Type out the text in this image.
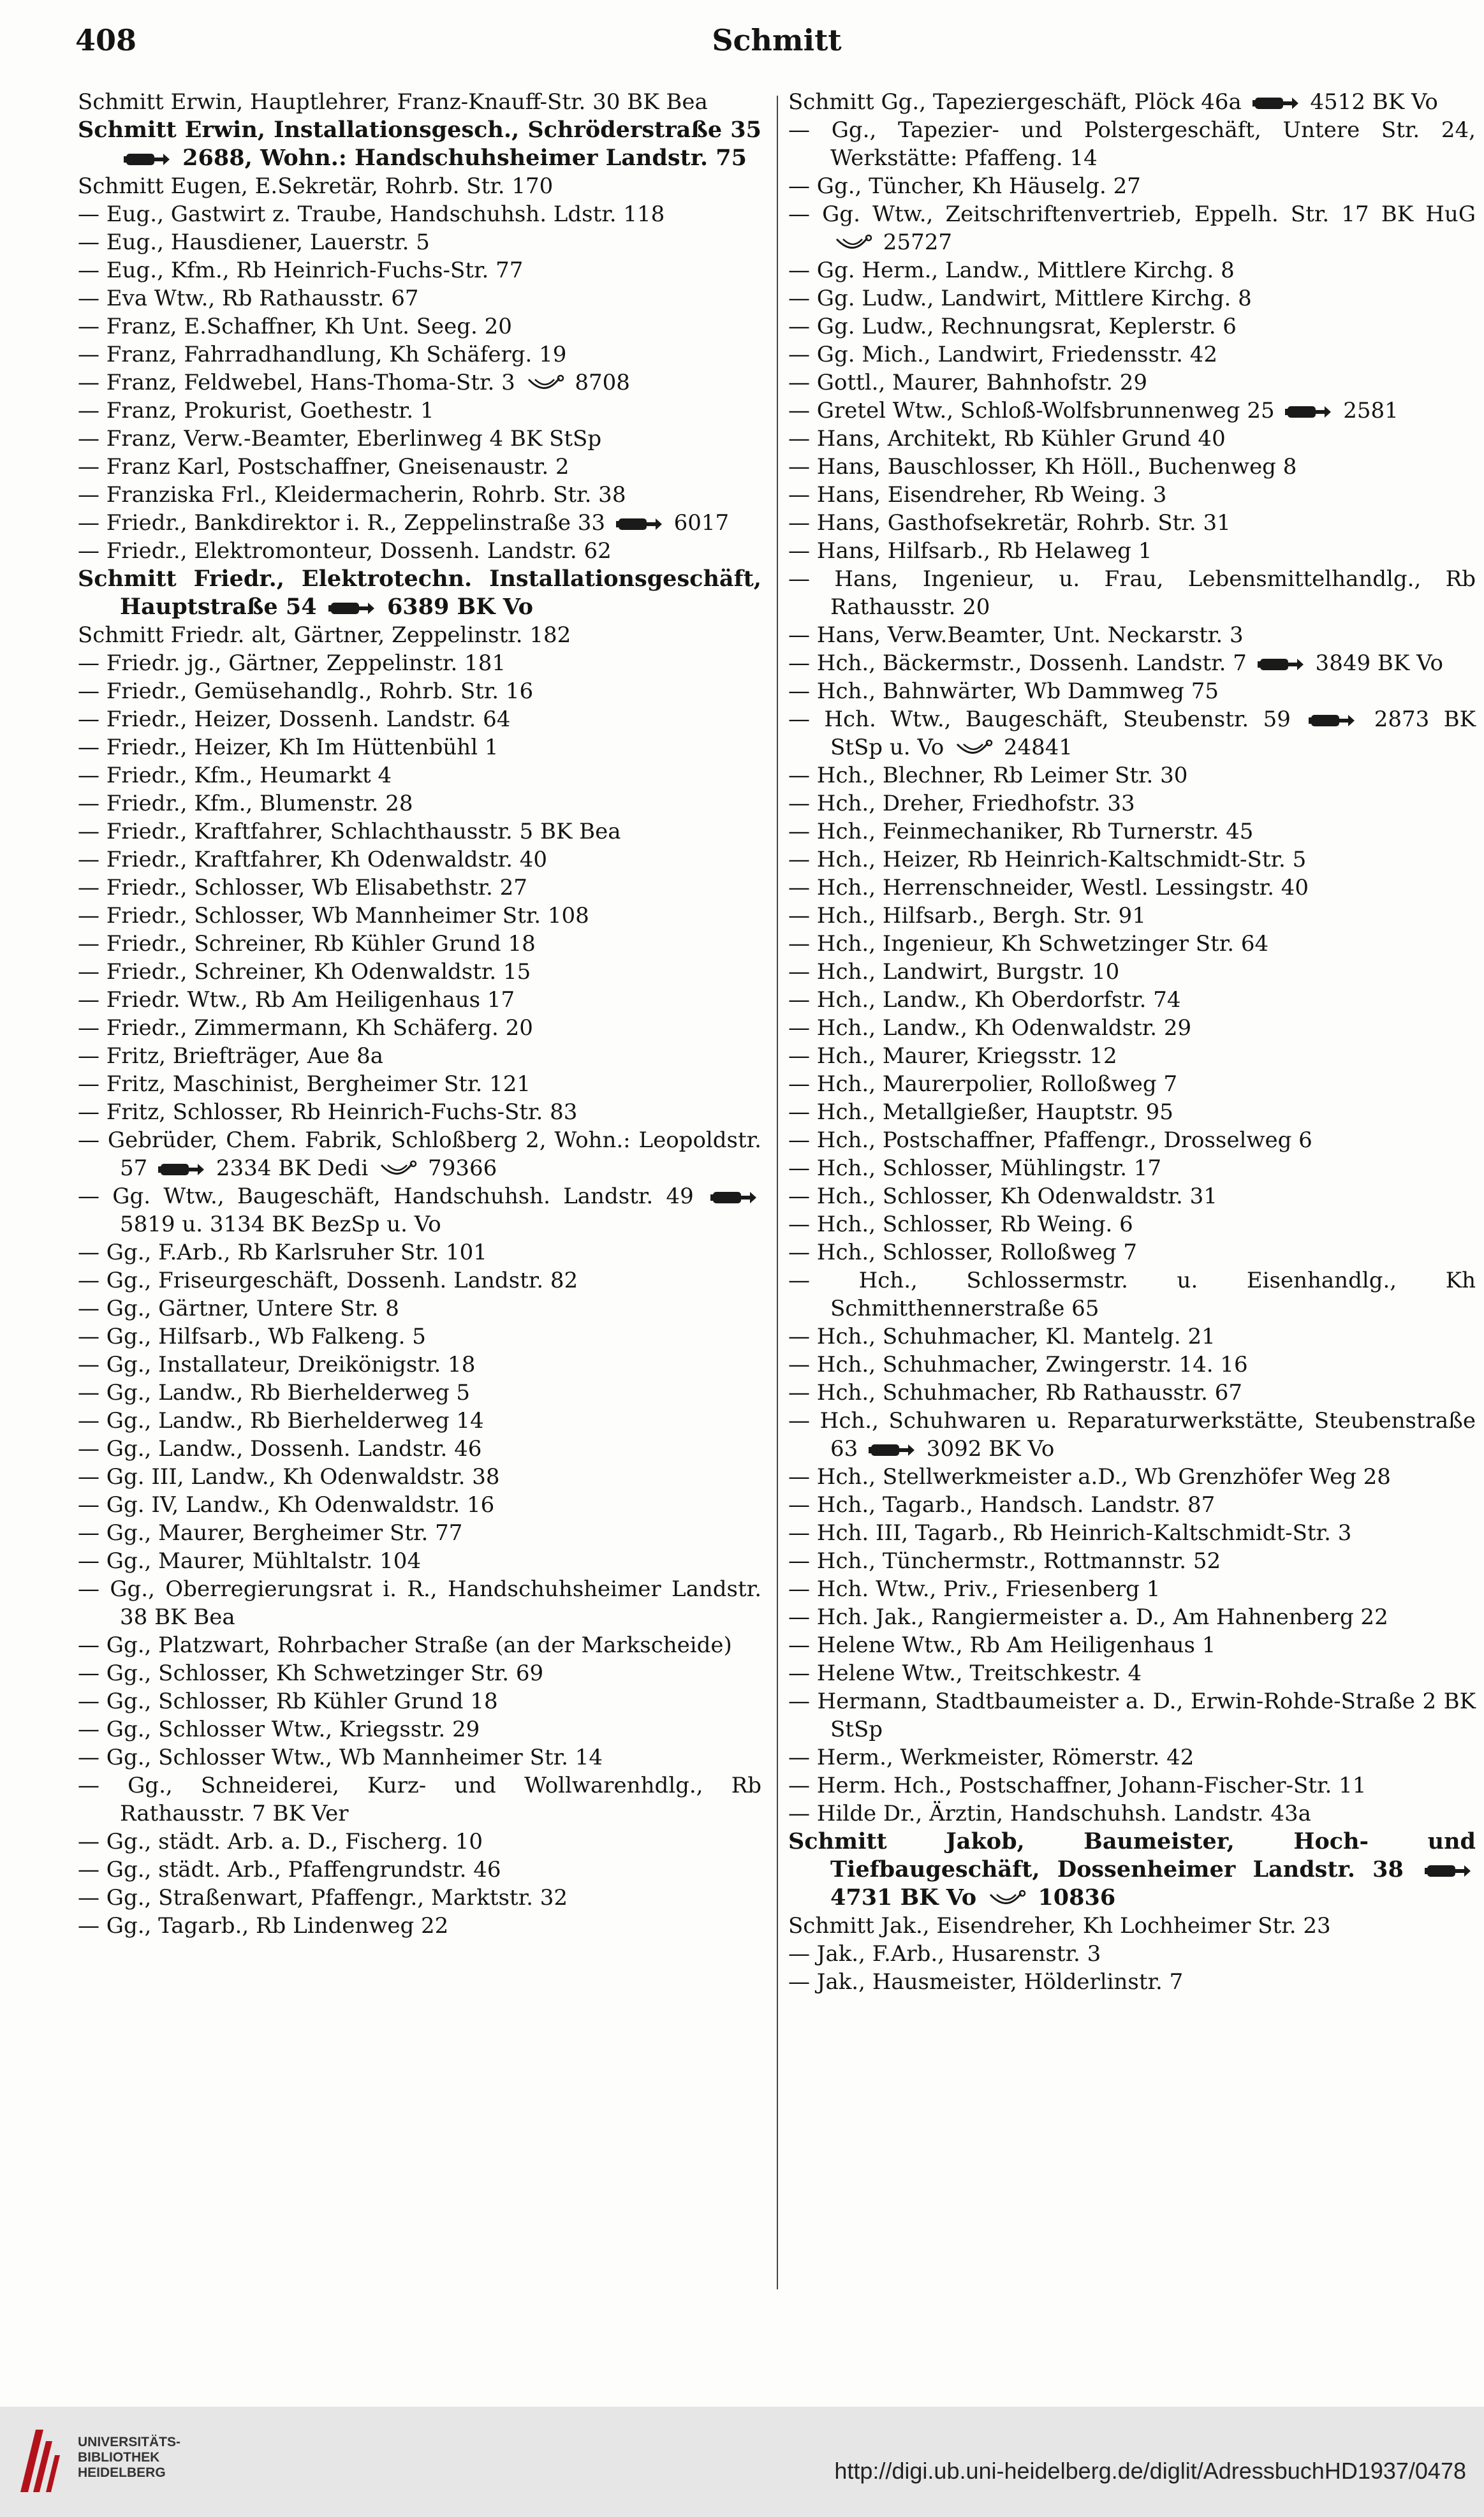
408	Schmitt

Schmitt Erwin, Hauptlehrer, Franz-Knauff-Str. 30 BK Bea

Schmitt Erwin, Installationsgesch., Schröderstraße 35
2688, Wohn.: Handschuhsheimer Landstr. 75

Schmitt Eugen, E.Sekretär, Rohrb. Str. 170

— Eug., Gastwirt z. Traube, Handschuhsh. Ldstr. 118

— Eug., Hausdiener, Lauerstr. 5

— Eug., Kfm., Rb Heinrich-Fuchs-Str. 77

— Eva Wtw., Rb Rathausstr. 67

— Franz, E.Schaffner, Kh Unt. Seeg. 20

— Franz, Fahrradhandlung, Kh Schäferg. 19

— Franz, Feldwebel, Hans-Thoma-Str. 3
8708

— Franz, Prokurist, Goethestr. 1

— Franz, Verw.-Beamter, Eberlinweg 4 BK StSp

— Franz Karl, Postschaffner, Gneisenaustr. 2

— Franziska Frl., Kleidermacherin, Rohrb. Str. 38

— Friedr., Bankdirektor i. R., Zeppelinstraße 33	6017

— Friedr., Elektromonteur, Dossenh. Landstr. 62

Schmitt Friedr., Elektrotechn. Installationsgeschäft, Hauptstraße 54
6389 BK Vo

Schmitt Friedr. alt, Gärtner, Zeppelinstr. 182

— Friedr. jg., Gärtner, Zeppelinstr. 181

— Friedr., Gemüsehandlg., Rohrb. Str. 16

— Friedr., Heizer, Dossenh. Landstr. 64

— Friedr., Heizer, Kh Im Hüttenbühl 1

— Friedr., Kfm., Heumarkt 4

— Friedr., Kfm., Blumenstr. 28

— Friedr., Kraftfahrer, Schlachthausstr. 5 BK Bea

— Friedr., Kraftfahrer, Kh Odenwaldstr. 40

— Friedr., Schlosser, Wb Elisabethstr. 27

— Friedr., Schlosser, Wb Mannheimer Str. 108

— Friedr., Schreiner, Rb Kühler Grund 18

— Friedr., Schreiner, Kh Odenwaldstr. 15

— Friedr. Wtw., Rb Am Heiligenhaus 17

— Friedr., Zimmermann, Kh Schäferg. 20

— Fritz, Briefträger, Aue 8a

— Fritz, Maschinist, Bergheimer Str. 121

— Fritz, Schlosser, Rb Heinrich-Fuchs-Str. 83

— Gebrüder, Chem. Fabrik, Schloßberg 2, Wohn.: Leopoldstr. 57	2334 BK Dedi
79366

— Gg. Wtw., Baugeschäft, Handschuhsh. Landstr. 49
5819 u. 3134 BK BezSp u. Vo

— Gg., F.Arb., Rb Karlsruher Str. 101

— Gg., Friseurgeschäft, Dossenh. Landstr. 82

— Gg., Gärtner, Untere Str. 8

— Gg., Hilfsarb., Wb Falkeng. 5

— Gg., Installateur, Dreikönigstr. 18

— Gg., Landw., Rb Bierhelderweg 5

— Gg., Landw., Rb Bierhelderweg 14

— Gg., Landw., Dossenh. Landstr. 46

— Gg. III, Landw., Kh Odenwaldstr. 38

— Gg. IV, Landw., Kh Odenwaldstr. 16

— Gg., Maurer, Bergheimer Str. 77

— Gg., Maurer, Mühltalstr. 104

— Gg., Oberregierungsrat i. R., Handschuhsheimer Landstr. 38 BK Bea

— Gg., Platzwart, Rohrbacher Straße (an der Markscheide)

— Gg., Schlosser, Kh Schwetzinger Str. 69

— Gg., Schlosser, Rb Kühler Grund 18

— Gg., Schlosser Wtw., Kriegsstr. 29

— Gg., Schlosser Wtw., Wb Mannheimer Str. 14

— Gg., Schneiderei, Kurz- und Wollwarenhdlg., Rb Rathausstr. 7 BK Ver

— Gg., städt. Arb. a. D., Fischerg. 10

— Gg., städt. Arb., Pfaffengrundstr. 46

— Gg., Straßenwart, Pfaffengr., Marktstr. 32

— Gg., Tagarb., Rb Lindenweg 22

Schmitt Gg., Tapeziergeschäft, Plöck 46a	4512 BK Vo

— Gg., Tapezier- und Polstergeschäft, Untere Str. 24, Werkstätte: Pfaffeng. 14

— Gg., Tüncher, Kh Häuselg. 27

— Gg. Wtw., Zeitschriftenvertrieb, Eppelh. Str. 17 BK HuG
25727

— Gg. Herm., Landw., Mittlere Kirchg. 8

— Gg. Ludw., Landwirt, Mittlere Kirchg. 8

— Gg. Ludw., Rechnungsrat, Keplerstr. 6

— Gg. Mich., Landwirt, Friedensstr. 42

— Gottl., Maurer, Bahnhofstr. 29

— Gretel Wtw., Schloß-Wolfsbrunnenweg 25	2581

— Hans, Architekt, Rb Kühler Grund 40

— Hans, Bauschlosser, Kh Höll., Buchenweg 8

— Hans, Eisendreher, Rb Weing. 3

— Hans, Gasthofsekretär, Rohrb. Str. 31

— Hans, Hilfsarb., Rb Helaweg 1

— Hans, Ingenieur, u. Frau, Lebensmittelhandlg., Rb Rathausstr. 20

— Hans, Verw.Beamter, Unt. Neckarstr. 3

— Hch., Bäckermstr., Dossenh. Landstr. 7	3849 BK Vo

— Hch., Bahnwärter, Wb Dammweg 75

— Hch. Wtw., Baugeschäft, Steubenstr. 59	2873 BK StSp u. Vo
24841

— Hch., Blechner, Rb Leimer Str. 30

— Hch., Dreher, Friedhofstr. 33

— Hch., Feinmechaniker, Rb Turnerstr. 45

— Hch., Heizer, Rb Heinrich-Kaltschmidt-Str. 5

— Hch., Herrenschneider, Westl. Lessingstr. 40

— Hch., Hilfsarb., Bergh. Str. 91

— Hch., Ingenieur, Kh Schwetzinger Str. 64

— Hch., Landwirt, Burgstr. 10

— Hch., Landw., Kh Oberdorfstr. 74

— Hch., Landw., Kh Odenwaldstr. 29

— Hch., Maurer, Kriegsstr. 12

— Hch., Maurerpolier, Rolloßweg 7

— Hch., Metallgießer, Hauptstr. 95

— Hch., Postschaffner, Pfaffengr., Drosselweg 6

— Hch., Schlosser, Mühlingstr. 17

— Hch., Schlosser, Kh Odenwaldstr. 31

— Hch., Schlosser, Rb Weing. 6

— Hch., Schlosser, Rolloßweg 7

— Hch., Schlossermstr. u. Eisenhandlg., Kh Schmitthennerstraße 65

— Hch., Schuhmacher, Kl. Mantelg. 21

— Hch., Schuhmacher, Zwingerstr. 14. 16

— Hch., Schuhmacher, Rb Rathausstr. 67

— Hch., Schuhwaren u. Reparaturwerkstätte, Steubenstraße 63	3092 BK Vo

— Hch., Stellwerkmeister a.D., Wb Grenzhöfer Weg 28

— Hch., Tagarb., Handsch. Landstr. 87

— Hch. III, Tagarb., Rb Heinrich-Kaltschmidt-Str. 3

— Hch., Tünchermstr., Rottmannstr. 52

— Hch. Wtw., Priv., Friesenberg 1

— Hch. Jak., Rangiermeister a. D., Am Hahnenberg 22

— Helene Wtw., Rb Am Heiligenhaus 1

— Helene Wtw., Treitschkestr. 4

— Hermann, Stadtbaumeister a. D., Erwin-Rohde-Straße 2 BK StSp

— Herm., Werkmeister, Römerstr. 42

— Herm. Hch., Postschaffner, Johann-Fischer-Str. 11

— Hilde Dr., Ärztin, Handschuhsh. Landstr. 43a

Schmitt Jakob, Baumeister, Hoch- und Tiefbaugeschäft, Dossenheimer Landstr. 38
4731 BK Vo
10836

Schmitt Jak., Eisendreher, Kh Lochheimer Str. 23

— Jak., F.Arb., Husarenstr. 3

— Jak., Hausmeister, Hölderlinstr. 7

UNIVERSITÄTS-
BIBLIOTHEK
HEIDELBERG	http://digi.ub.uni-heidelberg.de/diglit/AdressbuchHD1937/0478
